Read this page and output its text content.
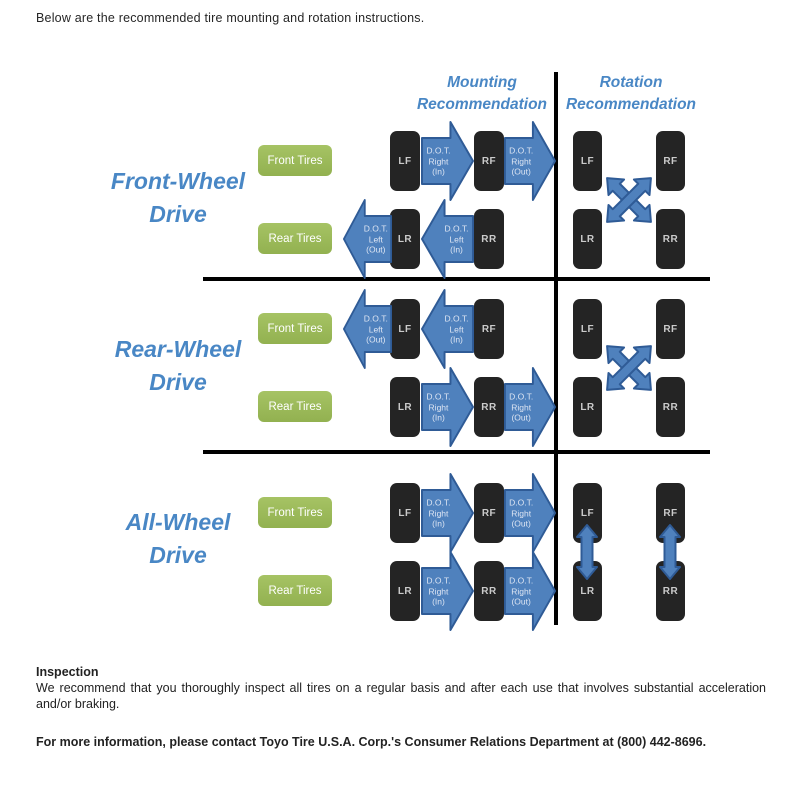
Below are the recommended tire mounting and rotation instructions.

Mounting
Recommendation
Rotation
Recommendation
Front-Wheel
Drive
Front Tires	LF	RF
D.O.T.
Right
(In)
D.O.T.
Right
(Out)
LF	RF
Rear Tires	LR	RR
D.O.T.
Left
(Out)
D.O.T.
Left
(In)
LR	RR
Rear-Wheel
Drive
Front Tires	LF	RF
D.O.T.
Left
(Out)
D.O.T.
Left
(In)
LF	RF
Rear Tires	LR	RR
D.O.T.
Right
(In)
D.O.T.
Right
(Out)
LR	RR
All-Wheel
Drive
Front Tires	LF	RF
D.O.T.
Right
(In)
D.O.T.
Right
(Out)
LF	RF
Rear Tires	LR	RR
D.O.T.
Right
(In)
D.O.T.
Right
(Out)
LR	RR

Inspection

We recommend that you thoroughly inspect all tires on a regular basis and after each use that involves substantial acceleration and/or braking.

For more information, please contact Toyo Tire U.S.A. Corp.'s Consumer Relations Department at (800) 442-8696.
